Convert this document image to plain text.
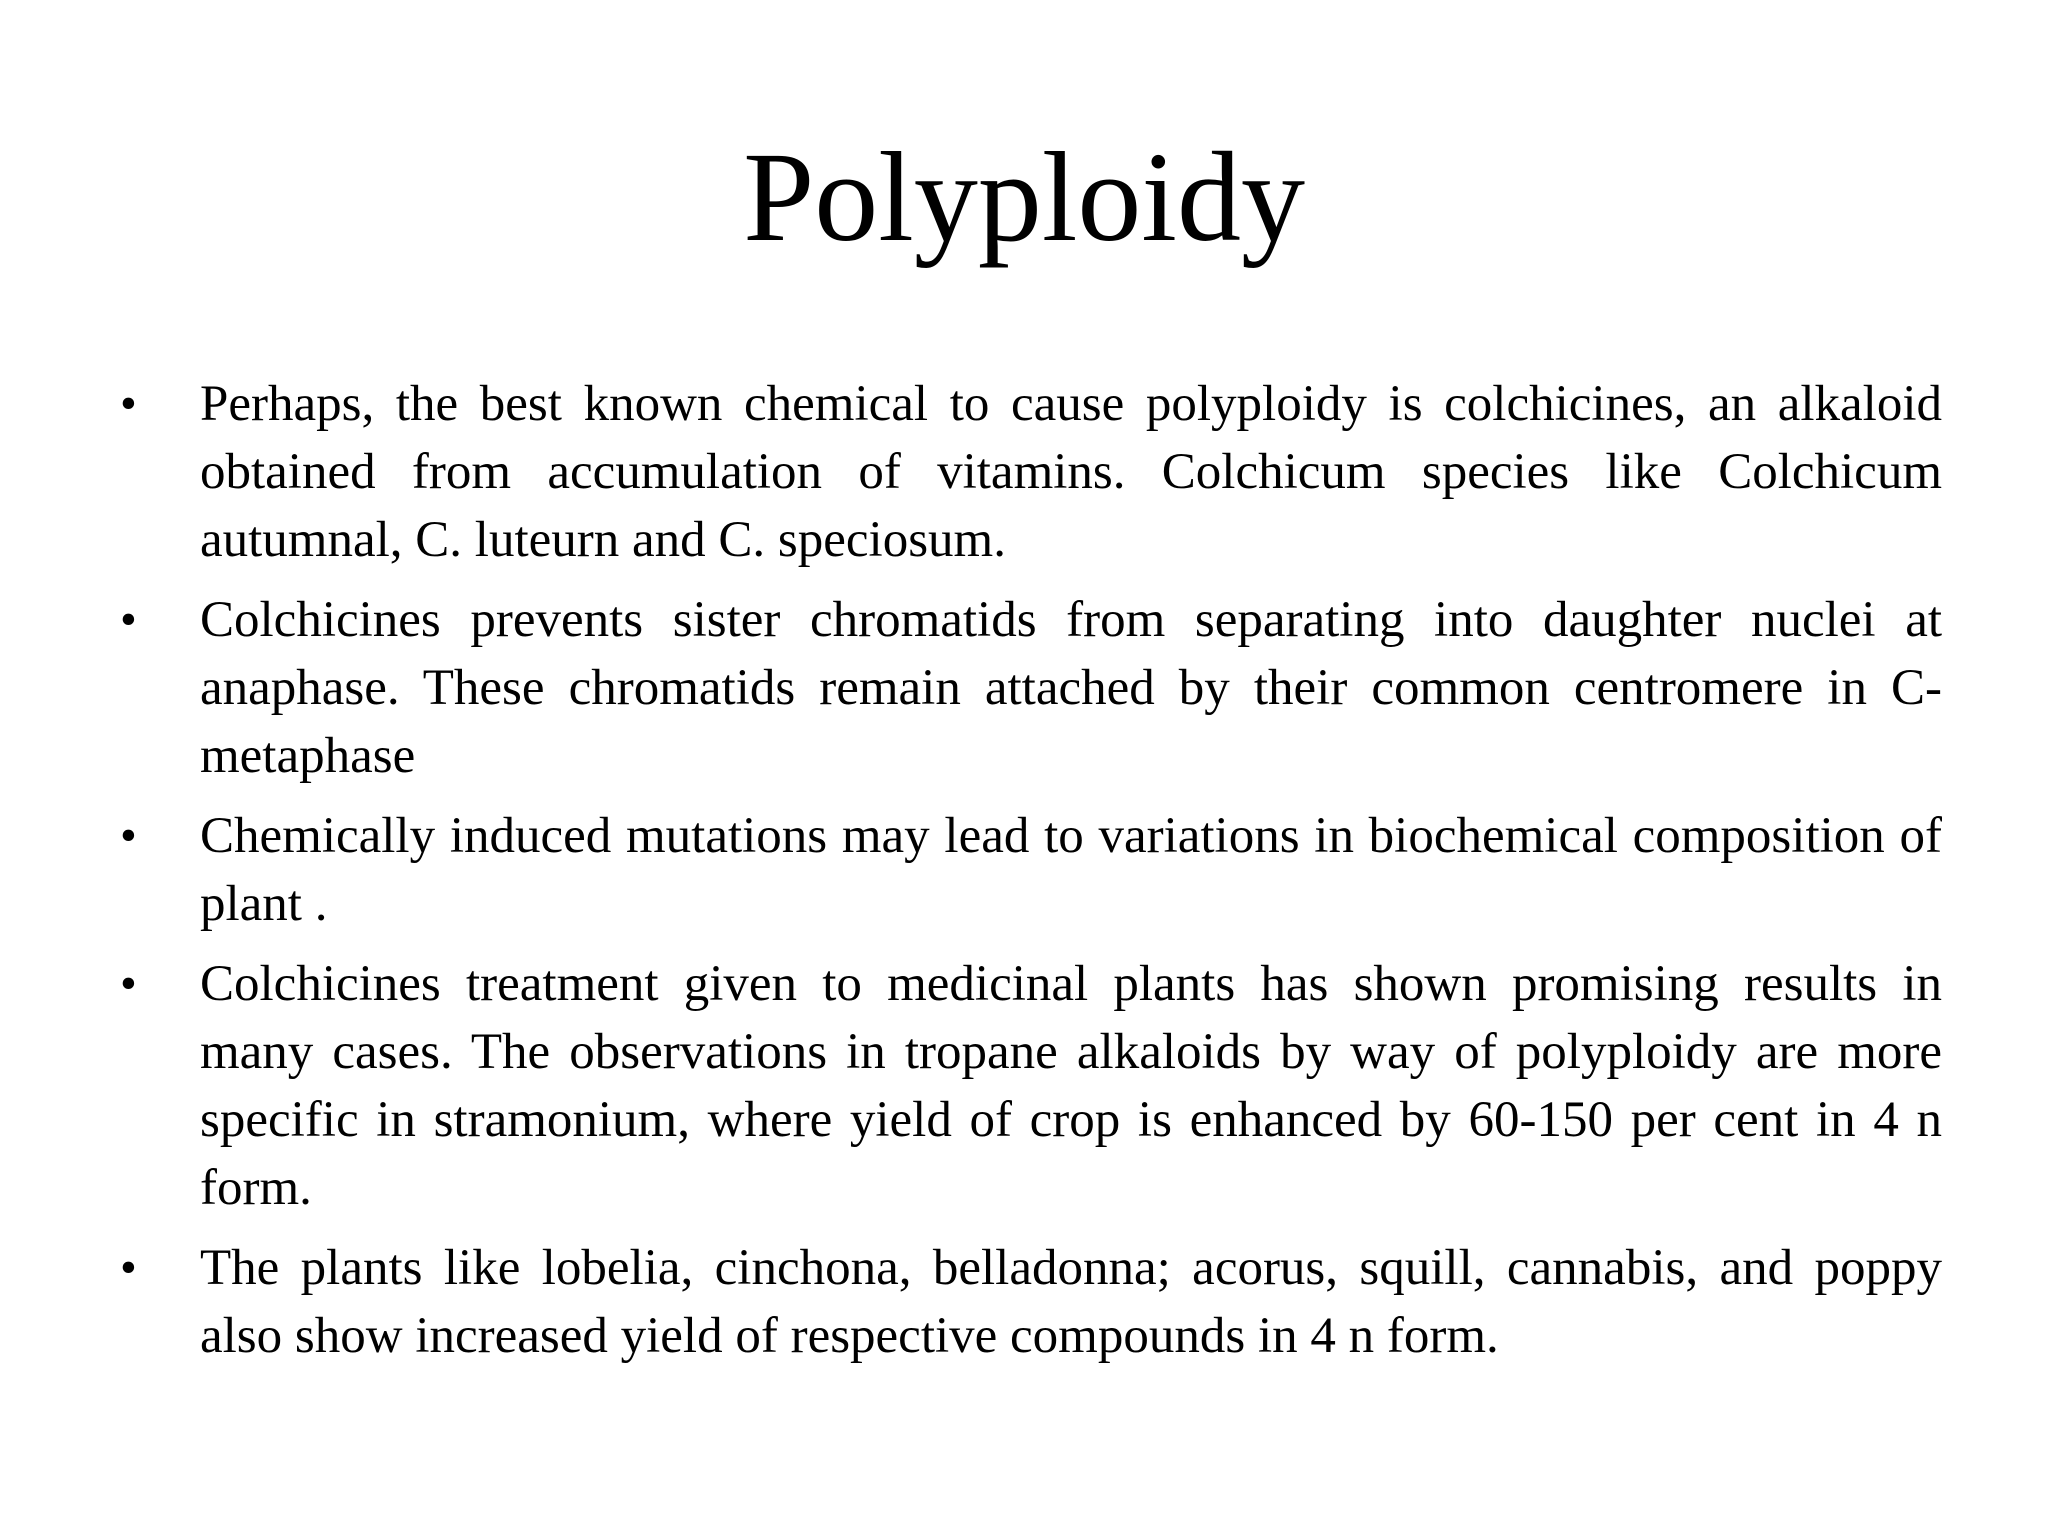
Polyploidy
•	Perhaps, the best known chemical to cause polyploidy is colchicines, an alkaloid obtained from accumulation of vitamins. Colchicum species like Colchicum autumnal, C. luteurn and C. speciosum.
•	Colchicines prevents sister chromatids from separating into daughter nuclei at anaphase. These chromatids remain attached by their common centromere in C-metaphase
•	Chemically induced mutations may lead to variations in biochemical composition of plant .
•	Colchicines treatment given to medicinal plants has shown promising results in many cases. The observations in tropane alkaloids by way of polyploidy are more specific in stramonium, where yield of crop is enhanced by 60-150 per cent in 4 n form.
•	The plants like lobelia, cinchona, belladonna; acorus, squill, cannabis, and poppy also show increased yield of respective compounds in 4 n form.
